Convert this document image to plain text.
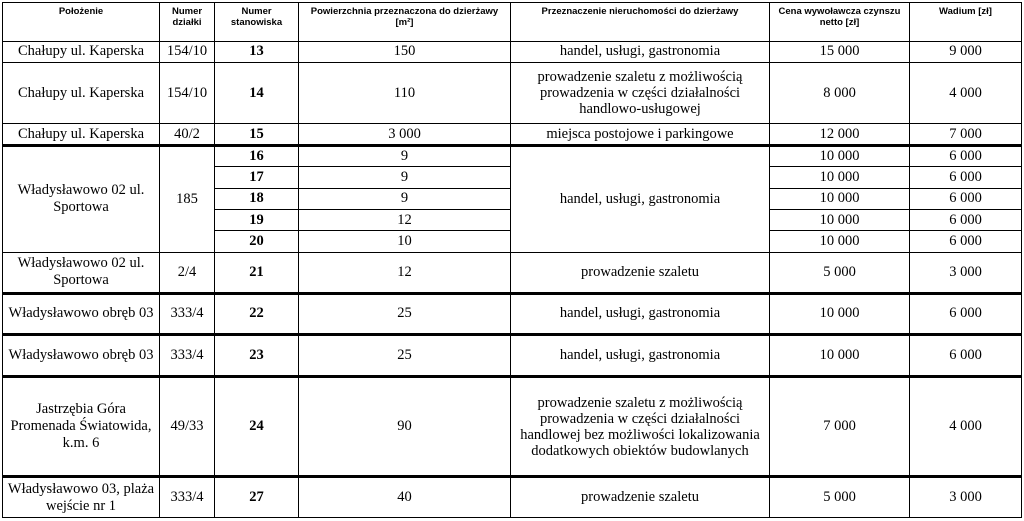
Położenie	Numer działki	Numer stanowiska	Powierzchnia przeznaczona do dzierżawy [m²]	Przeznaczenie nieruchomości do dzierżawy	Cena wywoławcza czynszu netto [zł]	Wadium [zł]
Chałupy ul. Kaperska	154/10	13	150	handel, usługi, gastronomia	15 000	9 000
Chałupy ul. Kaperska	154/10	14	110	prowadzenie szaletu z możliwością prowadzenia w części działalności handlowo-usługowej	8 000	4 000
Chałupy ul. Kaperska	40/2	15	3 000	miejsca postojowe i parkingowe	12 000	7 000
Władysławowo 02 ul. Sportowa	185	16	9	handel, usługi, gastronomia	10 000	6 000
		17	9		10 000	6 000
		18	9		10 000	6 000
		19	12		10 000	6 000
		20	10		10 000	6 000
Władysławowo 02 ul. Sportowa	2/4	21	12	prowadzenie szaletu	5 000	3 000
Władysławowo obręb 03	333/4	22	25	handel, usługi, gastronomia	10 000	6 000
Władysławowo obręb 03	333/4	23	25	handel, usługi, gastronomia	10 000	6 000
Jastrzębia Góra Promenada Światowida, k.m. 6	49/33	24	90	prowadzenie szaletu z możliwością prowadzenia w części działalności handlowej bez możliwości lokalizowania dodatkowych obiektów budowlanych	7 000	4 000
Władysławowo 03, plaża wejście nr 1	333/4	27	40	prowadzenie szaletu	5 000	3 000
